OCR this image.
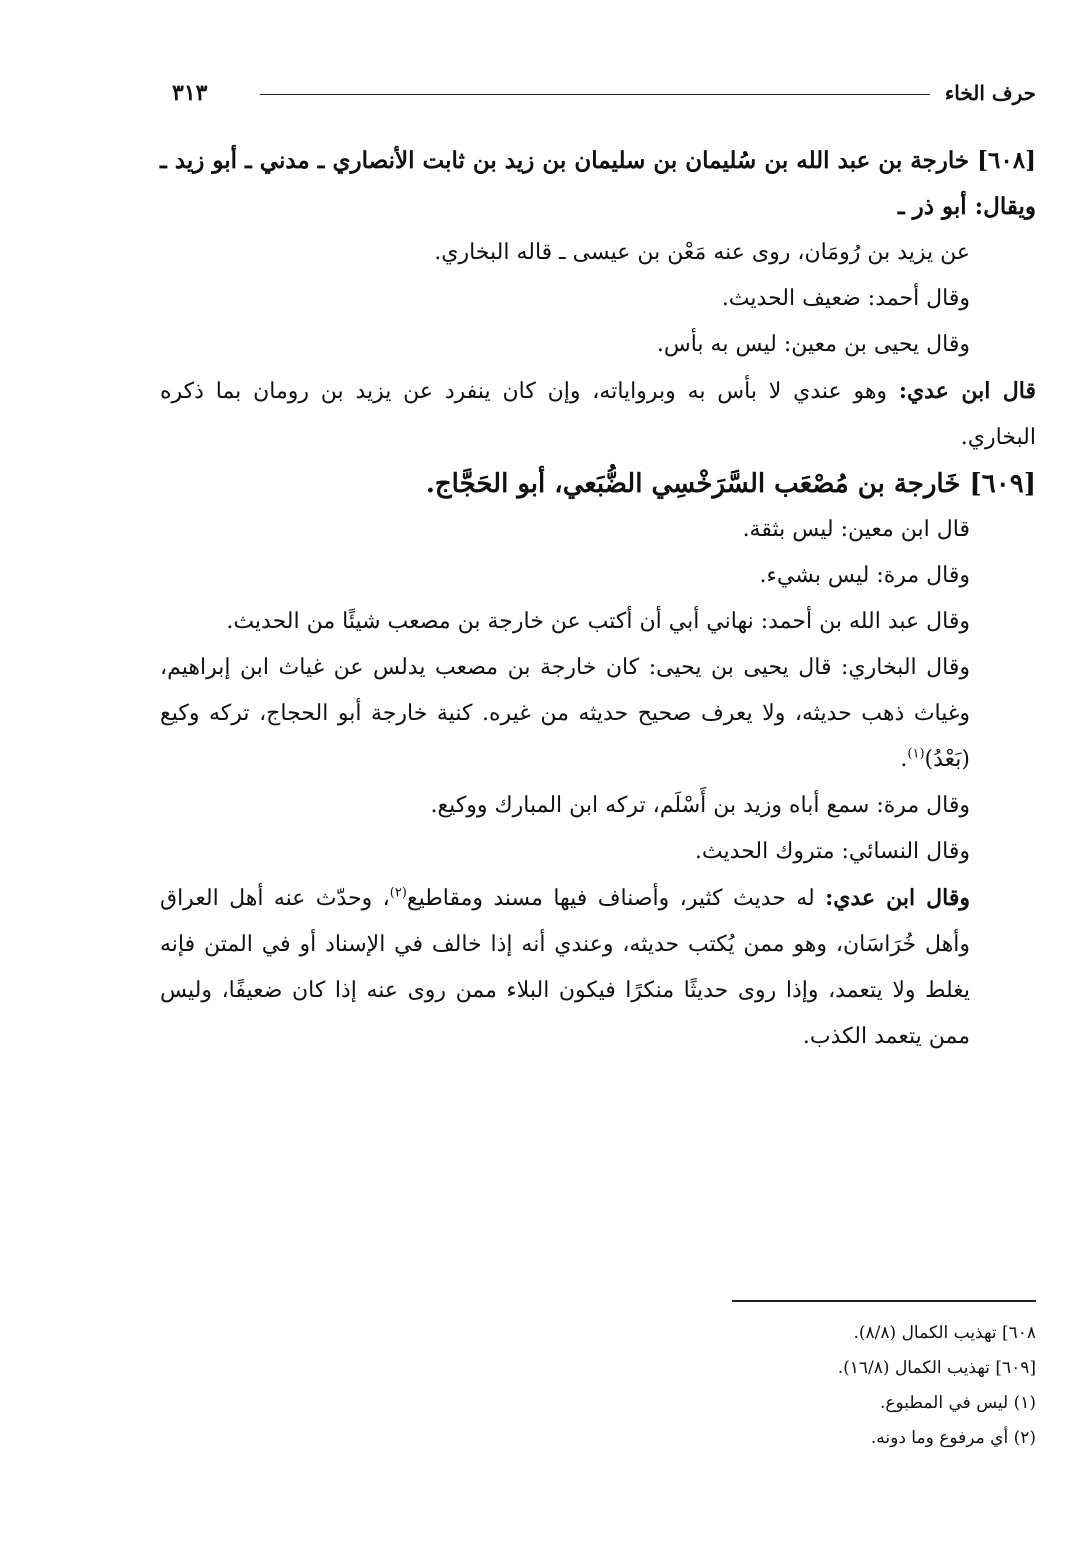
حرف الخاء
٣١٣

[٦٠٨] خارجة بن عبد الله بن سُليمان بن سليمان بن زيد بن ثابت الأنصاري ـ مدني ـ أبو زيد ـ ويقال: أبو ذر ـ

عن يزيد بن رُومَان، روى عنه مَعْن بن عيسى ـ قاله البخاري.

وقال أحمد: ضعيف الحديث.

وقال يحيى بن معين: ليس به بأس.

قال ابن عدي: وهو عندي لا بأس به وبرواياته، وإن كان ينفرد عن يزيد بن رومان بما ذكره البخاري.

[٦٠٩] خَارجة بن مُصْعَب السَّرَخْسِي الضُّبَعي، أبو الحَجَّاج.

قال ابن معين: ليس بثقة.

وقال مرة: ليس بشيء.

وقال عبد الله بن أحمد: نهاني أبي أن أكتب عن خارجة بن مصعب شيئًا من الحديث.

وقال البخاري: قال يحيى بن يحيى: كان خارجة بن مصعب يدلس عن غياث ابن إبراهيم، وغياث ذهب حديثه، ولا يعرف صحيح حديثه من غيره. كنية خارجة أبو الحجاج، تركه وكيع (بَعْدُ)$^{(١)}$.

وقال مرة: سمع أباه وزيد بن أَسْلَم، تركه ابن المبارك ووكيع.

وقال النسائي: متروك الحديث.

وقال ابن عدي: له حديث كثير، وأصناف فيها مسند ومقاطيع$^{(٢)}$، وحدّث عنه أهل العراق وأهل خُرَاسَان، وهو ممن يُكتب حديثه، وعندي أنه إذا خالف في الإسناد أو في المتن فإنه يغلط ولا يتعمد، وإذا روى حديثًا منكرًا فيكون البلاء ممن روى عنه إذا كان ضعيفًا، وليس ممن يتعمد الكذب.

٦٠٨] تهذيب الكمال (٨/٨).

[٦٠٩] تهذيب الكمال (١٦/٨).

(١) ليس في المطبوع.

(٢) أي مرفوع وما دونه.
